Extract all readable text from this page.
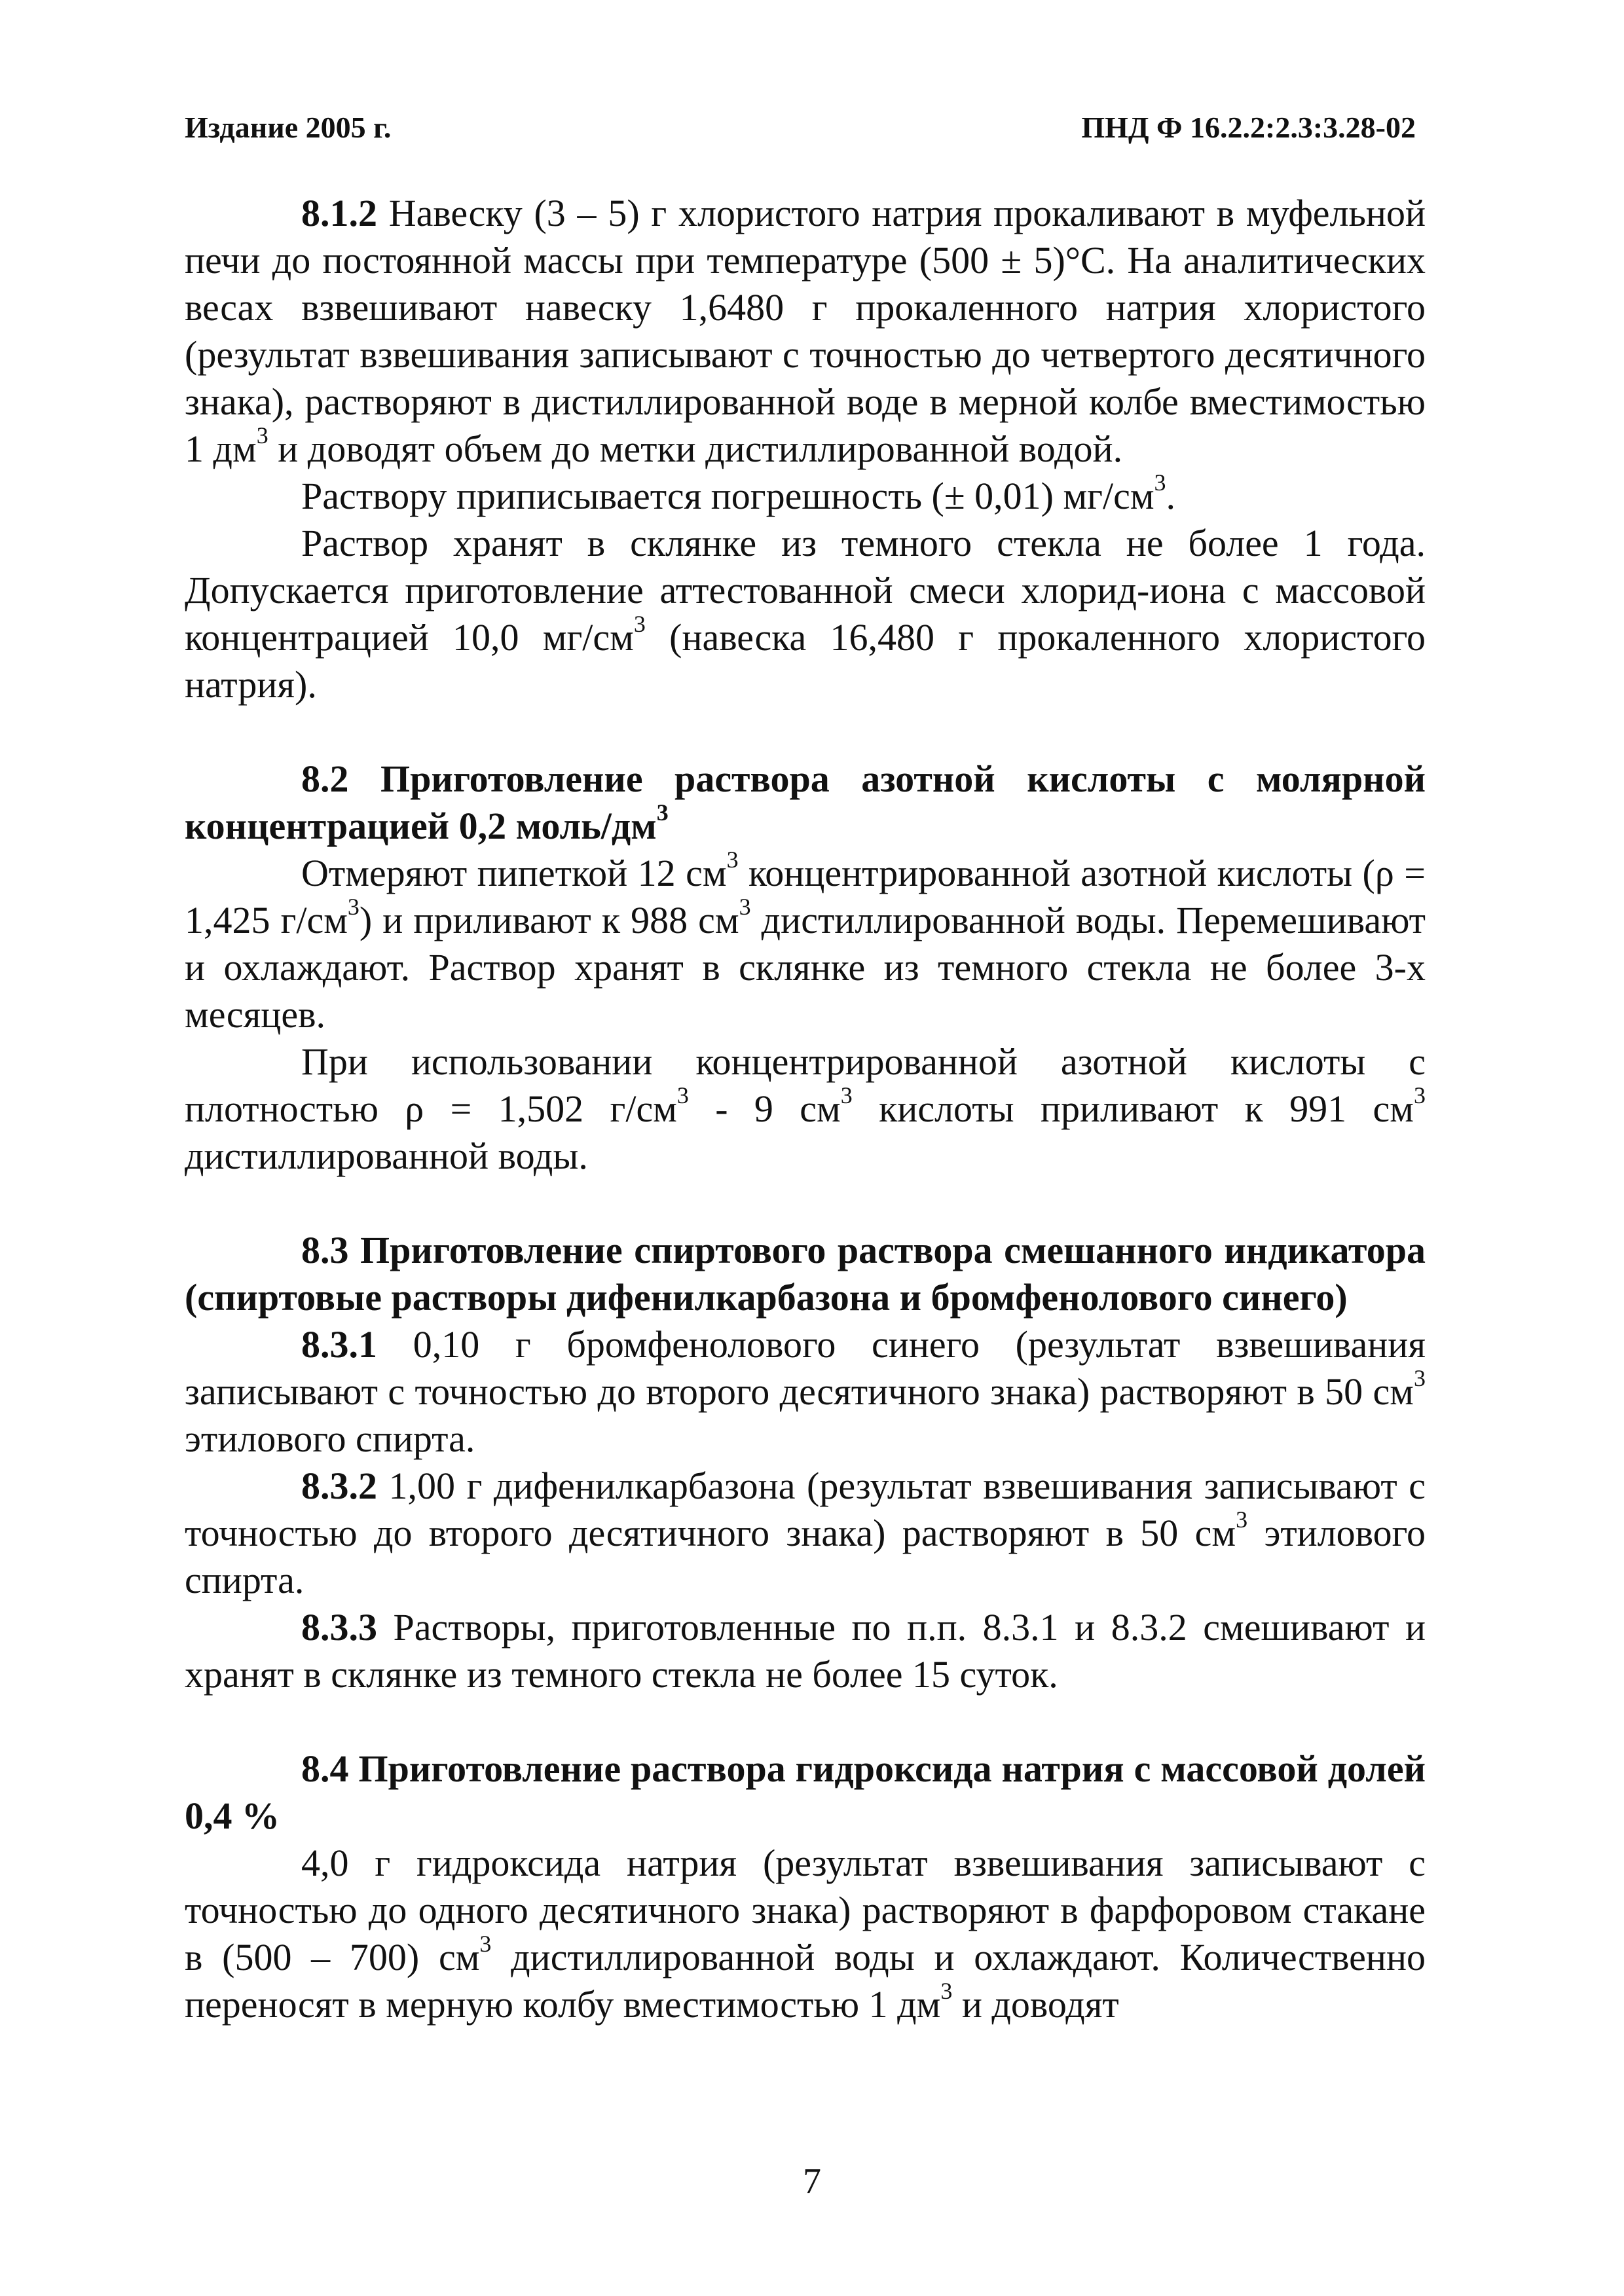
Издание 2005 г.	ПНД Ф 16.2.2:2.3:3.28-02

8.1.2 Навеску (3 – 5) г хлористого натрия прокаливают в муфельной печи до постоянной массы при температуре (500 ± 5)°С. На аналитических весах взвешивают навеску 1,6480 г прокаленного натрия хлористого (результат взвешивания записывают с точностью до четвертого десятичного знака), растворяют в дистиллированной воде в мерной колбе вместимостью 1 $дм^3$ и доводят объем до метки дистиллированной водой.

Раствору приписывается погрешность (± 0,01) $мг/см^3$.

Раствор хранят в склянке из темного стекла не более 1 года. Допускается приготовление аттестованной смеси хлорид-иона с массовой концентрацией 10,0 $мг/см^3$ (навеска 16,480 г прокаленного хлористого натрия).

8.2 Приготовление раствора азотной кислоты с молярной концентрацией 0,2 моль/$дм^3$

Отмеряют пипеткой 12 $см^3$ концентрированной азотной кислоты (ρ = 1,425 $г/см^3$) и приливают к 988 $см^3$ дистиллированной воды. Перемешивают и охлаждают. Раствор хранят в склянке из темного стекла не более 3-х месяцев.

При использовании концентрированной азотной кислоты с плотностью ρ = 1,502 $г/см^3 - 9$ $см^3$ кислоты приливают к 991 $см^3$ дистиллированной воды.

8.3 Приготовление спиртового раствора смешанного индикатора (спиртовые растворы дифенилкарбазона и бромфенолового синего)

8.3.1 0,10 г бромфенолового синего (результат взвешивания записывают с точностью до второго десятичного знака) растворяют в 50 $см^3$ этилового спирта.

8.3.2 1,00 г дифенилкарбазона (результат взвешивания записывают с точностью до второго десятичного знака) растворяют в 50 $см^3$ этилового спирта.

8.3.3 Растворы, приготовленные по п.п. 8.3.1 и 8.3.2 смешивают и хранят в склянке из темного стекла не более 15 суток.

8.4 Приготовление раствора гидроксида натрия с массовой долей 0,4 %

4,0 г гидроксида натрия (результат взвешивания записывают с точностью до одного десятичного знака) растворяют в фарфоровом стакане в (500 – 700) $см^3$ дистиллированной воды и охлаждают. Количественно переносят в мерную колбу вместимостью 1 $дм^3$ и доводят

7
